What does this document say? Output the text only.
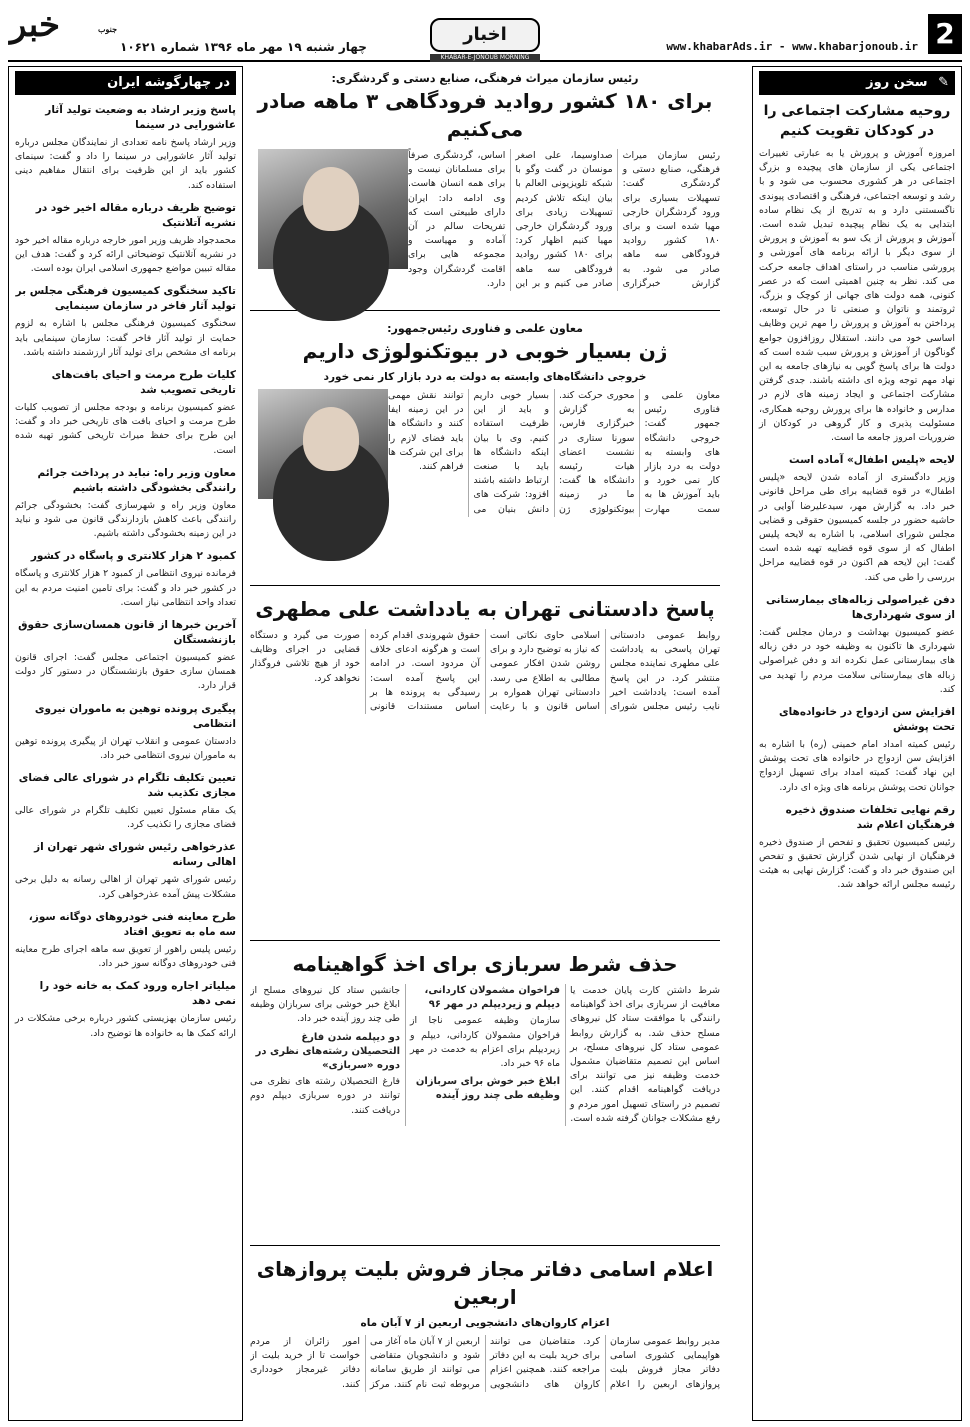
2
www.khabarAds.ir - www.khabarjonoub.ir
اخبار
KHABAR-E-JONOUB MORNING NEWSPAPER
خبر	جنوب
چهار شنبه ۱۹ مهر ماه ۱۳۹۶ شماره ۱۰۶۲۱
✎ سخن روز
روحیه مشارکت اجتماعی را در کودکان تقویت کنیم
امروزه آموزش و پرورش یا به عبارتی تغییرات اجتماعی یکی از سازمان های پیچیده و بزرگ اجتماعی در هر کشوری محسوب می شود و با رشد و توسعه اجتماعی، فرهنگی و اقتصادی پیوندی ناگسستنی دارد و به تدریج از یک نظام ساده ابتدایی به یک نظام پیچیده تبدیل شده است. آموزش و پرورش از یک سو به آموزش و پرورش از سوی دیگر با ارائه برنامه های آموزشی و پرورشی مناسب در راستای اهداف جامعه حرکت می کند. نظر به چنین اهمیتی است که در عصر کنونی، همه دولت های جهانی از کوچک و بزرگ، ثروتمند و ناتوان و صنعتی تا در حال توسعه، پرداختن به آموزش و پرورش را مهم ترین وظایف اساسی خود می دانند. استقلال روزافزون جوامع گوناگون از آموزش و پرورش سبب شده است که دولت ها برای پاسخ گویی به نیازهای جامعه به این نهاد مهم توجه ویژه ای داشته باشند. جدی گرفتن مشارکت اجتماعی و ایجاد زمینه های لازم در مدارس و خانواده ها برای پرورش روحیه همکاری، مسئولیت پذیری و کار گروهی در کودکان از ضروریات امروز جامعه ما است.
لایحه «پلیس اطفال» آماده است
وزیر دادگستری از آماده شدن لایحه «پلیس اطفال» در قوه قضاییه برای طی مراحل قانونی خبر داد. به گزارش مهر، سیدعلیرضا آوایی در حاشیه حضور در جلسه کمیسیون حقوقی و قضایی مجلس شورای اسلامی، با اشاره به لایحه پلیس اطفال که از سوی قوه قضاییه تهیه شده است گفت: این لایحه هم اکنون در قوه قضاییه مراحل بررسی را طی می کند.
دفن غیراصولی زباله‌های بیمارستانی از سوی شهرداری‌ها
عضو کمیسیون بهداشت و درمان مجلس گفت: شهرداری ها تاکنون به وظیفه خود در دفن زباله های بیمارستانی عمل نکرده اند و دفن غیراصولی زباله های بیمارستانی سلامت مردم را تهدید می کند.
افزایش سن ازدواج در خانواده‌های تحت پوشش
رئیس کمیته امداد امام خمینی (ره) با اشاره به افزایش سن ازدواج در خانواده های تحت پوشش این نهاد گفت: کمیته امداد برای تسهیل ازدواج جوانان تحت پوشش برنامه های ویژه ای دارد.
رقم نهایی تخلفات صندوق ذخیره فرهنگیان اعلام شد
رئیس کمیسیون تحقیق و تفحص از صندوق ذخیره فرهنگیان از نهایی شدن گزارش تحقیق و تفحص این صندوق خبر داد و گفت: گزارش نهایی به هیئت رئیسه مجلس ارائه خواهد شد.
رئیس سازمان میراث فرهنگی، صنایع دستی و گردشگری:
برای ۱۸۰ کشور روادید فرودگاهی ۳ ماهه صادر می‌کنیم
رئیس سازمان میراث فرهنگی، صنایع دستی و گردشگری گفت: تسهیلات بسیاری برای ورود گردشگران خارجی مهیا شده است و برای ۱۸۰ کشور روادید فرودگاهی سه ماهه صادر می شود. به گزارش خبرگزاری صداوسیما، علی اصغر مونسان در گفت وگو با شبکه تلویزیونی العالم با بیان اینکه تلاش کردیم تسهیلات زیادی برای ورود گردشگران خارجی مهیا کنیم اظهار کرد: برای ۱۸۰ کشور روادید فرودگاهی سه ماهه صادر می کنیم و بر این اساس، گردشگری صرفاً برای مسلمانان نیست و برای همه انسان هاست. وی ادامه داد: ایران دارای طبیعتی است که تفریحات سالم در آن آماده و مهیاست و مجموعه هایی برای اقامت گردشگران وجود دارد.
معاون علمی و فناوری رئیس‌جمهور:
ژن بسیار خوبی در بیوتکنولوژی داریم
خروجی دانشگاه‌های وابسته به دولت به درد بازار کار نمی خورد
معاون علمی و فناوری رئیس جمهور گفت: خروجی دانشگاه های وابسته به دولت به درد بازار کار نمی خورد و باید آموزش ها به سمت مهارت محوری حرکت کند. به گزارش خبرگزاری فارس، سورنا ستاری در نشست اعضای هیات رئیسه دانشگاه ها گفت: ما در زمینه بیوتکنولوژی ژن بسیار خوبی داریم و باید از این ظرفیت استفاده کنیم. وی با بیان اینکه دانشگاه ها باید با صنعت ارتباط داشته باشند افزود: شرکت های دانش بنیان می توانند نقش مهمی در این زمینه ایفا کنند و دانشگاه ها باید فضای لازم را برای این شرکت ها فراهم کنند.
پاسخ دادستانی تهران به یادداشت علی مطهری
روابط عمومی دادستانی تهران پاسخی به یادداشت علی مطهری نماینده مجلس منتشر کرد. در این پاسخ آمده است: یادداشت اخیر نایب رئیس مجلس شورای اسلامی حاوی نکاتی است که نیاز به توضیح دارد و برای روشن شدن افکار عمومی مطالبی به اطلاع می رسد. دادستانی تهران همواره بر اساس قانون و با رعایت حقوق شهروندی اقدام کرده است و هرگونه ادعای خلاف آن مردود است. در ادامه این پاسخ آمده است: رسیدگی به پرونده ها بر اساس مستندات قانونی صورت می گیرد و دستگاه قضایی در اجرای وظایف خود از هیچ تلاشی فروگذار نخواهد کرد.
حذف شرط سربازی برای اخذ گواهینامه
شرط داشتن کارت پایان خدمت یا معافیت از سربازی برای اخذ گواهینامه رانندگی با موافقت ستاد کل نیروهای مسلح حذف شد. به گزارش روابط عمومی ستاد کل نیروهای مسلح، بر اساس این تصمیم متقاضیان مشمول خدمت وظیفه نیز می توانند برای دریافت گواهینامه اقدام کنند. این تصمیم در راستای تسهیل امور مردم و رفع مشکلات جوانان گرفته شده است.
فراخوان مشمولان کاردانی، دیپلم و زیردیپلم در مهر ۹۶
سازمان وظیفه عمومی ناجا از فراخوان مشمولان کاردانی، دیپلم و زیردیپلم برای اعزام به خدمت در مهر ماه ۹۶ خبر داد.
ابلاغ خبر خوش برای سربازان وظیفه طی چند روز آینده
جانشین ستاد کل نیروهای مسلح از ابلاغ خبر خوشی برای سربازان وظیفه طی چند روز آینده خبر داد.
دو دیپلمه شدن فارغ التحصیلان رشته‌های نظری در دوره «سربازی»
فارغ التحصیلان رشته های نظری می توانند در دوره سربازی دیپلم دوم دریافت کنند.
اعلام اسامی دفاتر مجاز فروش بلیت پروازهای اربعین
اعزام کاروان‌های دانشجویی اربعین از ۷ آبان ماه
مدیر روابط عمومی سازمان هواپیمایی کشوری اسامی دفاتر مجاز فروش بلیت پروازهای اربعین را اعلام کرد. متقاضیان می توانند برای خرید بلیت به این دفاتر مراجعه کنند. همچنین اعزام کاروان های دانشجویی اربعین از ۷ آبان ماه آغاز می شود و دانشجویان متقاضی می توانند از طریق سامانه مربوطه ثبت نام کنند. مرکز امور زائران از مردم خواست تا از خرید بلیت از دفاتر غیرمجاز خودداری کنند.
در چهارگوشه ایران
پاسخ وزیر ارشاد به وضعیت تولید آثار عاشورایی در سینما
وزیر ارشاد پاسخ نامه تعدادی از نمایندگان مجلس درباره تولید آثار عاشورایی در سینما را داد و گفت: سینمای کشور باید از این ظرفیت برای انتقال مفاهیم دینی استفاده کند.
توضیح ظریف درباره مقاله اخیر خود در نشریه آتلانتیک
محمدجواد ظریف وزیر امور خارجه درباره مقاله اخیر خود در نشریه آتلانتیک توضیحاتی ارائه کرد و گفت: هدف این مقاله تبیین مواضع جمهوری اسلامی ایران بوده است.
تاکید سخنگوی کمیسیون فرهنگی مجلس بر تولید آثار فاخر در سازمان سینمایی
سخنگوی کمیسیون فرهنگی مجلس با اشاره به لزوم حمایت از تولید آثار فاخر گفت: سازمان سینمایی باید برنامه ای مشخص برای تولید آثار ارزشمند داشته باشد.
کلیات طرح مرمت و احیای بافت‌های تاریخی تصویب شد
عضو کمیسیون برنامه و بودجه مجلس از تصویب کلیات طرح مرمت و احیای بافت های تاریخی خبر داد و گفت: این طرح برای حفظ میراث تاریخی کشور تهیه شده است.
معاون وزیر راه: نباید در پرداخت جرائم رانندگی بخشودگی داشته باشیم
معاون وزیر راه و شهرسازی گفت: بخشودگی جرائم رانندگی باعث کاهش بازدارندگی قانون می شود و نباید در این زمینه بخشودگی داشته باشیم.
کمبود ۲ هزار کلانتری و پاسگاه در کشور
فرمانده نیروی انتظامی از کمبود ۲ هزار کلانتری و پاسگاه در کشور خبر داد و گفت: برای تامین امنیت مردم به این تعداد واحد انتظامی نیاز است.
آخرین خبرها از قانون همسان‌سازی حقوق بازنشستگان
عضو کمیسیون اجتماعی مجلس گفت: اجرای قانون همسان سازی حقوق بازنشستگان در دستور کار دولت قرار دارد.
پیگیری پرونده توهین به ماموران نیروی انتظامی
دادستان عمومی و انقلاب تهران از پیگیری پرونده توهین به ماموران نیروی انتظامی خبر داد.
تعیین تکلیف تلگرام در شورای عالی فضای مجازی تکذیب شد
یک مقام مسئول تعیین تکلیف تلگرام در شورای عالی فضای مجازی را تکذیب کرد.
عذرخواهی رئیس شورای شهر تهران از اهالی رسانه
رئیس شورای شهر تهران از اهالی رسانه به دلیل برخی مشکلات پیش آمده عذرخواهی کرد.
طرح معاینه فنی خودروهای دوگانه سوز، سه ماه به تعویق افتاد
رئیس پلیس راهور از تعویق سه ماهه اجرای طرح معاینه فنی خودروهای دوگانه سوز خبر داد.
میلیاتر اجاره ورود کمک به خانه خود را نمی دهد
رئیس سازمان بهزیستی کشور درباره برخی مشکلات در ارائه کمک ها به خانواده ها توضیح داد.
